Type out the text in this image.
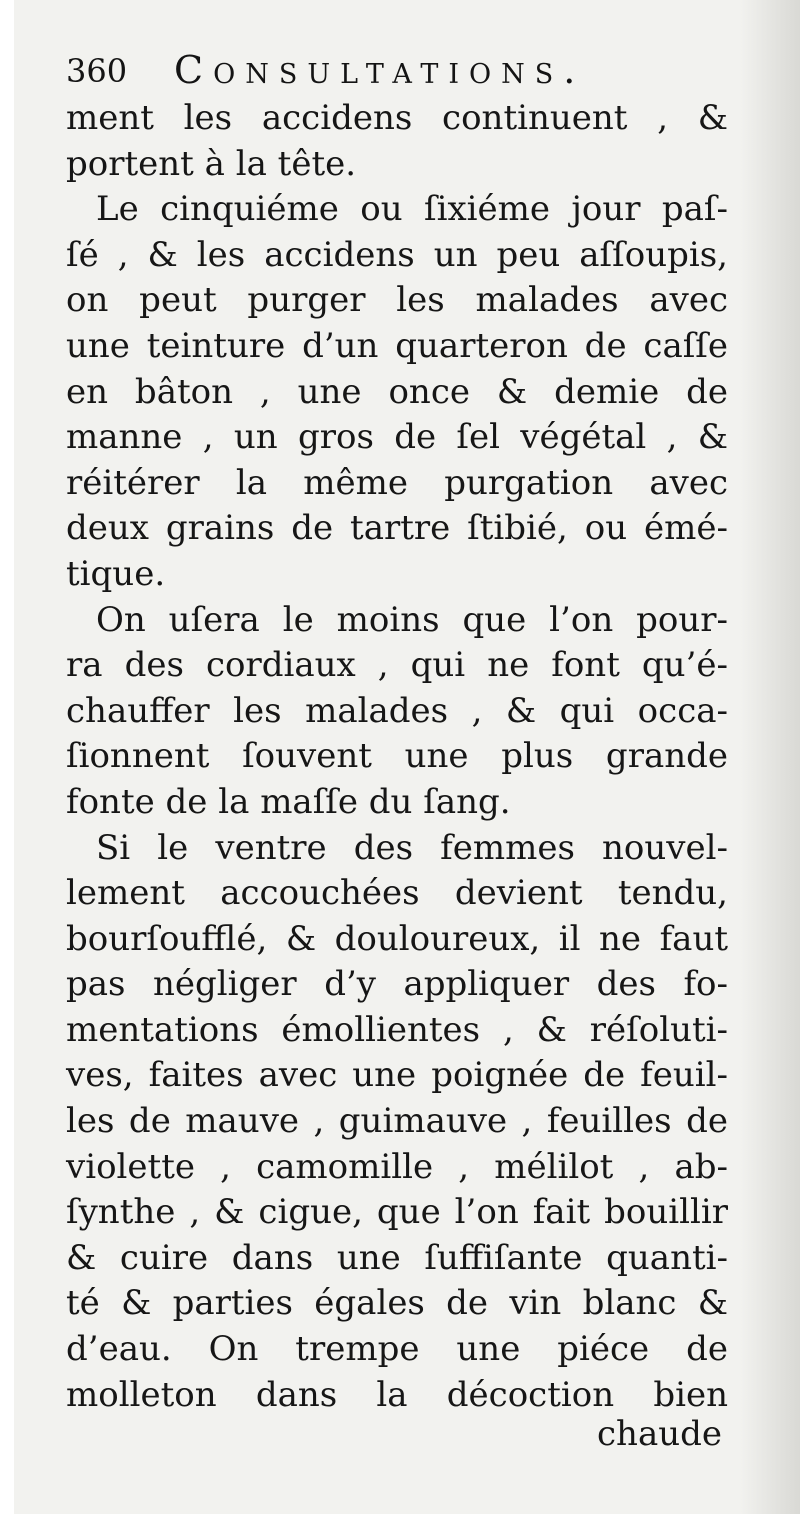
360 Consultations.
ment les accidens continuent , &
portent à la tête.
Le cinquiéme ou ſixiéme jour paſ-
ſé , & les accidens un peu aſſoupis,
on peut purger les malades avec
une teinture d’un quarteron de caſſe
en bâton , une once & demie de
manne , un gros de ſel végétal , &
réitérer la même purgation avec
deux grains de tartre ſtibié, ou émé-
tique.
On uſera le moins que l’on pour-
ra des cordiaux , qui ne font qu’é-
chauffer les malades , & qui occa-
ſionnent ſouvent une plus grande
fonte de la maſſe du ſang.
Si le ventre des femmes nouvel-
lement accouchées devient tendu,
bourſoufflé, & douloureux, il ne faut
pas négliger d’y appliquer des fo-
mentations émollientes , & réſoluti-
ves, faites avec une poignée de feuil-
les de mauve , guimauve , feuilles de
violette , camomille , mélilot , ab-
ſynthe , & cigue, que l’on fait bouillir
& cuire dans une ſuffiſante quanti-
té & parties égales de vin blanc &
d’eau. On trempe une piéce de
molleton dans la décoction bien
chaude
